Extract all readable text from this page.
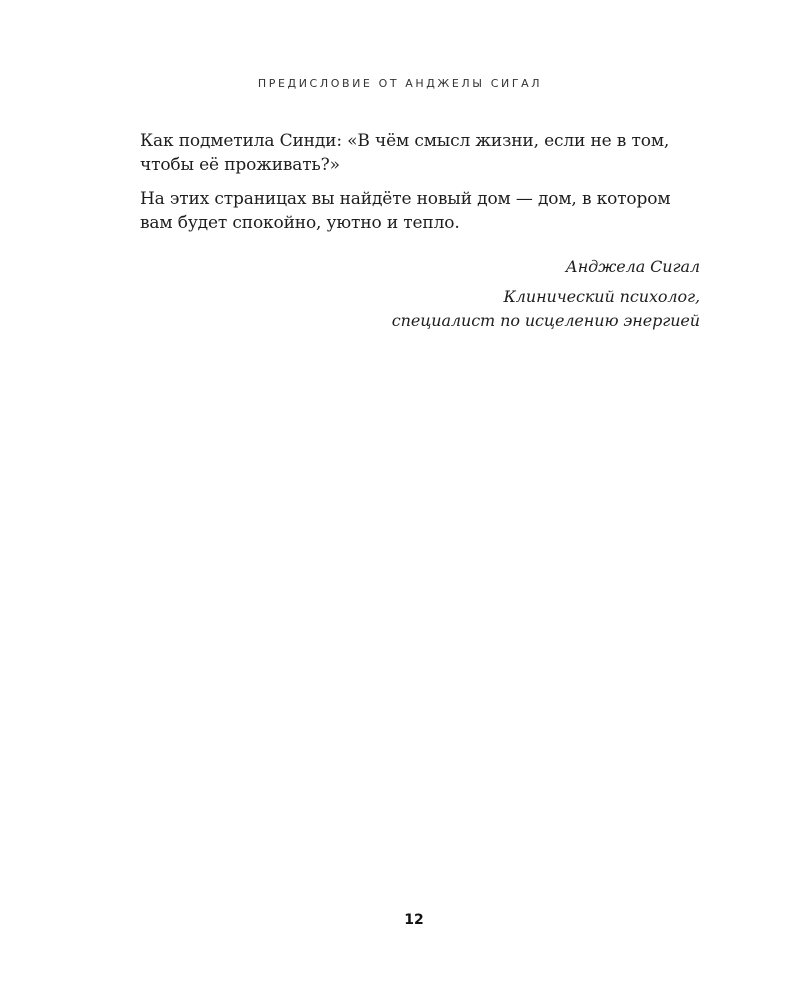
ПРЕДИСЛОВИЕ ОТ АНДЖЕЛЫ СИГАЛ

Как подметила Синди: «В чём смысл жизни, если не в том,
чтобы её проживать?»

На этих страницах вы найдёте новый дом — дом, в котором
вам будет спокойно, уютно и тепло.

Анджела Сигал
Клинический психолог,
специалист по исцелению энергией
12
